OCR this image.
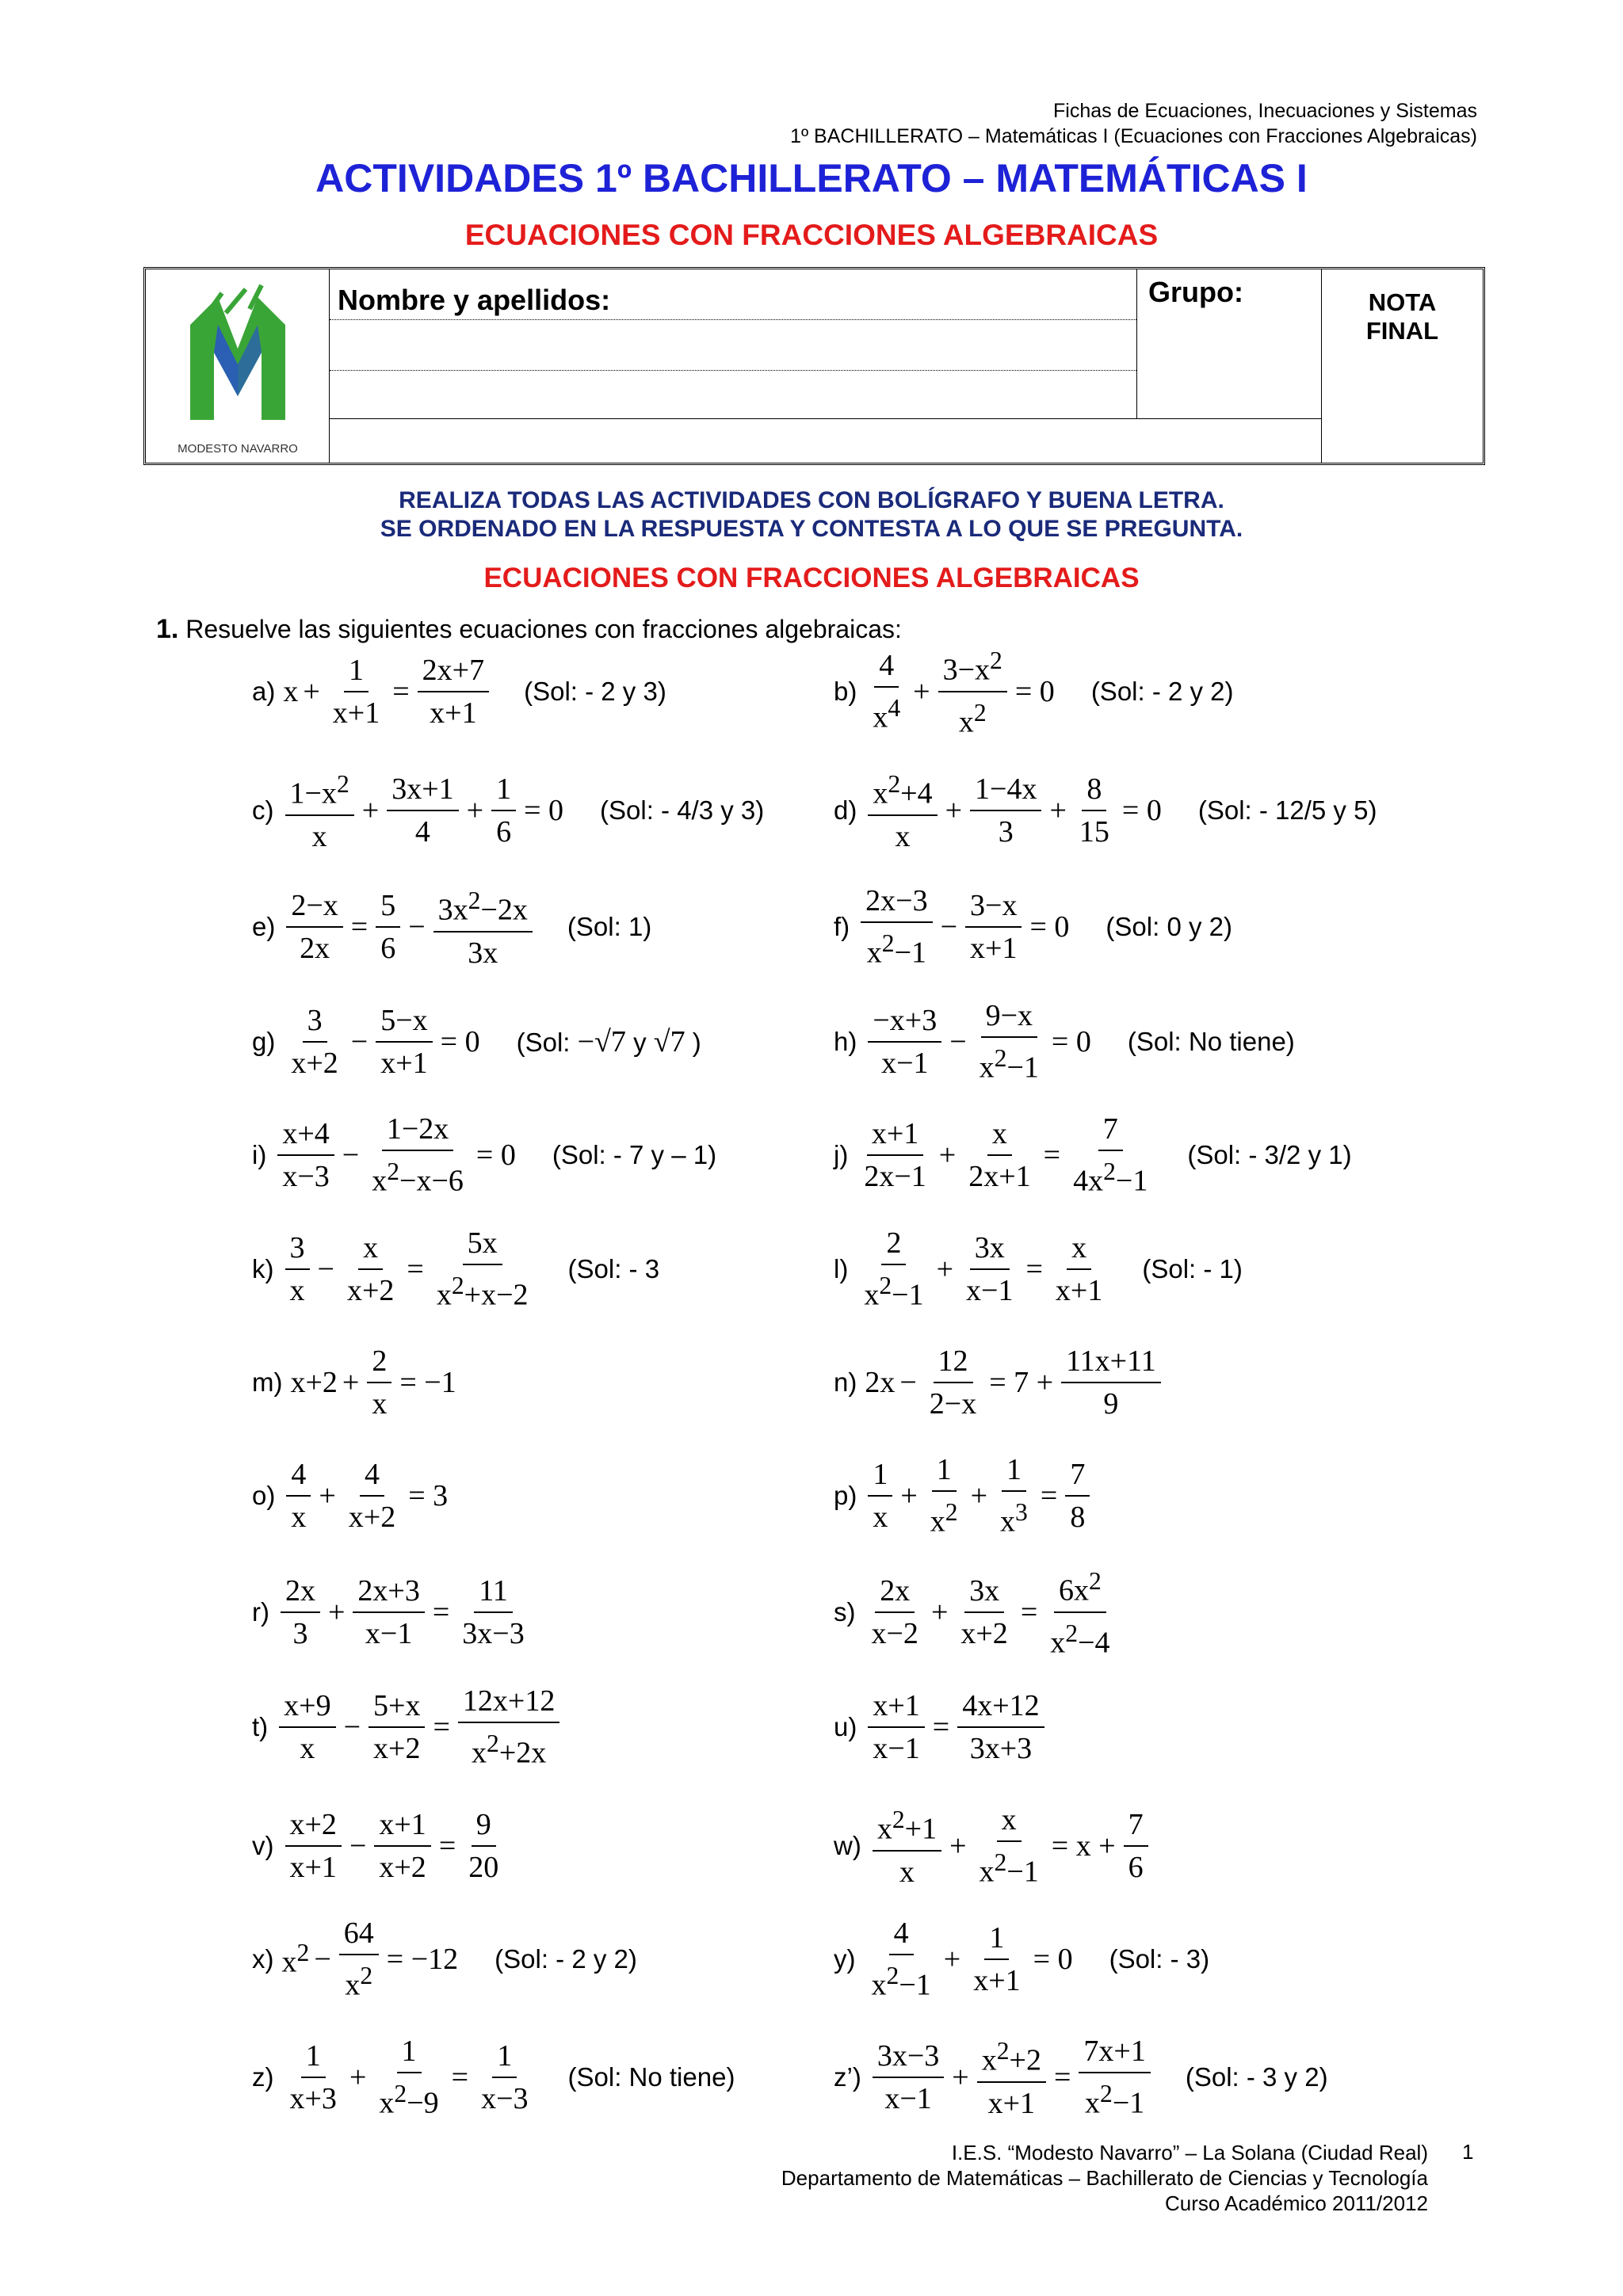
Fichas de Ecuaciones, Inecuaciones y Sistemas
1º BACHILLERATO – Matemáticas I (Ecuaciones con Fracciones Algebraicas)
ACTIVIDADES 1º BACHILLERATO – MATEMÁTICAS I
ECUACIONES CON FRACCIONES ALGEBRAICAS
MODESTO NAVARRO
Nombre y apellidos:	Grupo:	NOTA
FINAL
REALIZA TODAS LAS ACTIVIDADES CON BOLÍGRAFO Y BUENA LETRA.
SE ORDENADO EN LA RESPUESTA Y CONTESTA A LO QUE SE PREGUNTA.
ECUACIONES CON FRACCIONES ALGEBRAICAS
1. Resuelve las siguientes ecuaciones con fracciones algebraicas:
a) $x + \frac{1}{x+1} = \frac{2x+7}{x+1} (Sol$: - 2 y 3)	$b) \frac{4}{x^4} + \frac{3-x^2}{x^2} = 0$ (Sol: - 2 y 2)
$c) \frac{1-x^2}{x} + \frac{3x+1}{4} + \frac{1}{6} = 0$ (Sol: - 4/3 y 3)	$d) \frac{x^2+4}{x} + \frac{1-4x}{3} + \frac{8}{15} = 0$ (Sol: - 12/5 y 5)
$e) \frac{2-x}{2x} = \frac{5}{6} - \frac{3x^2-2x}{3x} (Sol$: 1)	$f) \frac{2x-3}{x^2-1} - \frac{3-x}{x+1} = 0$ (Sol: 0 y 2)
$g) \frac{3}{x+2} - \frac{5-x}{x+1} = 0$ (Sol: −√7 y √7 )	$h) \frac{-x+3}{x-1} - \frac{9-x}{x^2-1} = 0$ (Sol: No tiene)
$i) \frac{x+4}{x-3} - \frac{1-2x}{x^2-x-6} = 0$ (Sol: - 7 y – 1)	$j) \frac{x+1}{2x-1} + \frac{x}{2x+1} = \frac{7}{4x^2-1} (Sol$: - 3/2 y 1)
$k) \frac{3}{x} - \frac{x}{x+2} = \frac{5x}{x^2+x-2} (Sol$: - 3	$l) \frac{2}{x^2-1} + \frac{3x}{x-1} = \frac{x}{x+1} (Sol$: - 1)
m) $x+2 + \frac{2}{x} = -1$	n) $2x - \frac{12}{2-x} = 7 + \frac{11x+11}{9}$
$o) \frac{4}{x} + \frac{4}{x+2} = 3$	$p) \frac{1}{x} + \frac{1}{x^2} + \frac{1}{x^3} = \frac{7}{8}$
$r) \frac{2x}{3} + \frac{2x+3}{x-1} = \frac{11}{3x-3}$	$s) \frac{2x}{x-2} + \frac{3x}{x+2} = \frac{6x^2}{x^2-4}$
$t) \frac{x+9}{x} - \frac{5+x}{x+2} = \frac{12x+12}{x^2+2x}$	$u) \frac{x+1}{x-1} = \frac{4x+12}{3x+3}$
$v) \frac{x+2}{x+1} - \frac{x+1}{x+2} = \frac{9}{20}$	$w) \frac{x^2+1}{x} + \frac{x}{x^2-1} = x + \frac{7}{6}$
x) $x^2 - \frac{64}{x^2} = -12$ (Sol: - 2 y 2)	$y) \frac{4}{x^2-1} + \frac{1}{x+1} = 0$ (Sol: - 3)
$z) \frac{1}{x+3} + \frac{1}{x^2-9} = \frac{1}{x-3} (Sol$: No tiene)	z’) $\frac{3x-3}{x-1} + \frac{x^2+2}{x+1} = \frac{7x+1}{x^2-1} (Sol$: - 3 y 2)
I.E.S. “Modesto Navarro” – La Solana (Ciudad Real) 1
Departamento de Matemáticas – Bachillerato de Ciencias y Tecnología
Curso Académico 2011/2012
